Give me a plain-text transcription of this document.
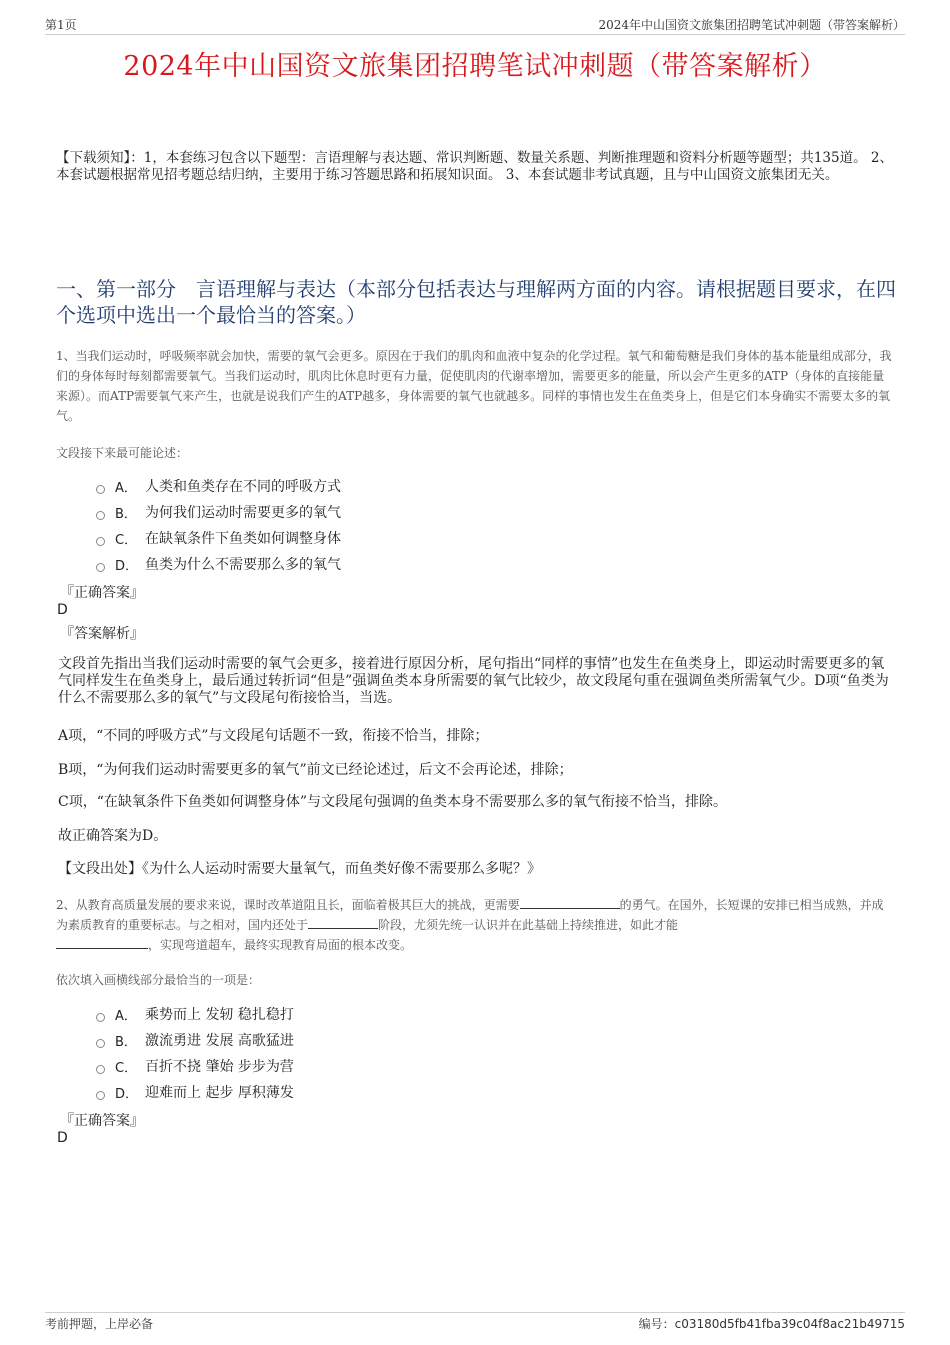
第1页	2024年中山国资文旅集团招聘笔试冲刺题（带答案解析）
2024年中山国资文旅集团招聘笔试冲刺题（带答案解析）
【下载须知】：1，本套练习包含以下题型：言语理解与表达题、常识判断题、数量关系题、判断推理题和资料分析题等题型；共135道。 2、本套试题根据常见招考题总结归纳，主要用于练习答题思路和拓展知识面。 3、本套试题非考试真题，且与中山国资文旅集团无关。
一、第一部分　言语理解与表达（本部分包括表达与理解两方面的内容。请根据题目要求，在四个选项中选出一个最恰当的答案。）
1、当我们运动时，呼吸频率就会加快，需要的氧气会更多。原因在于我们的肌肉和血液中复杂的化学过程。氧气和葡萄糖是我们身体的基本能量组成部分，我们的身体每时每刻都需要氧气。当我们运动时，肌肉比休息时更有力量，促使肌肉的代谢率增加，需要更多的能量，所以会产生更多的ATP（身体的直接能量来源）。而ATP需要氧气来产生，也就是说我们产生的ATP越多，身体需要的氧气也就越多。同样的事情也发生在鱼类身上，但是它们本身确实不需要太多的氧气。
文段接下来最可能论述：
A． 人类和鱼类存在不同的呼吸方式
B． 为何我们运动时需要更多的氧气
C． 在缺氧条件下鱼类如何调整身体
D． 鱼类为什么不需要那么多的氧气
『正确答案』
D
『答案解析』
文段首先指出当我们运动时需要的氧气会更多，接着进行原因分析，尾句指出“同样的事情”也发生在鱼类身上，即运动时需要更多的氧气同样发生在鱼类身上，最后通过转折词“但是”强调鱼类本身所需要的氧气比较少，故文段尾句重在强调鱼类所需氧气少。D项“鱼类为什么不需要那么多的氧气”与文段尾句衔接恰当，当选。
A项，“不同的呼吸方式”与文段尾句话题不一致，衔接不恰当，排除；
B项，“为何我们运动时需要更多的氧气”前文已经论述过，后文不会再论述，排除；
C项，“在缺氧条件下鱼类如何调整身体”与文段尾句强调的鱼类本身不需要那么多的氧气衔接不恰当，排除。
故正确答案为D。
【文段出处】《为什么人运动时需要大量氧气，而鱼类好像不需要那么多呢？》
2、从教育高质量发展的要求来说，课时改革道阻且长，面临着极其巨大的挑战，更需要	的勇气。在国外，长短课的安排已相当成熟，并成为素质教育的重要标志。与之相对，国内还处于	阶段，尤须先统一认识并在此基础上持续推进，如此才能
，实现弯道超车，最终实现教育局面的根本改变。
依次填入画横线部分最恰当的一项是：
A． 乘势而上 发轫 稳扎稳打
B． 激流勇进 发展 高歌猛进
C． 百折不挠 肇始 步步为营
D． 迎难而上 起步 厚积薄发
『正确答案』
D
考前押题，上岸必备	编号：c03180d5fb41fba39c04f8ac21b49715
